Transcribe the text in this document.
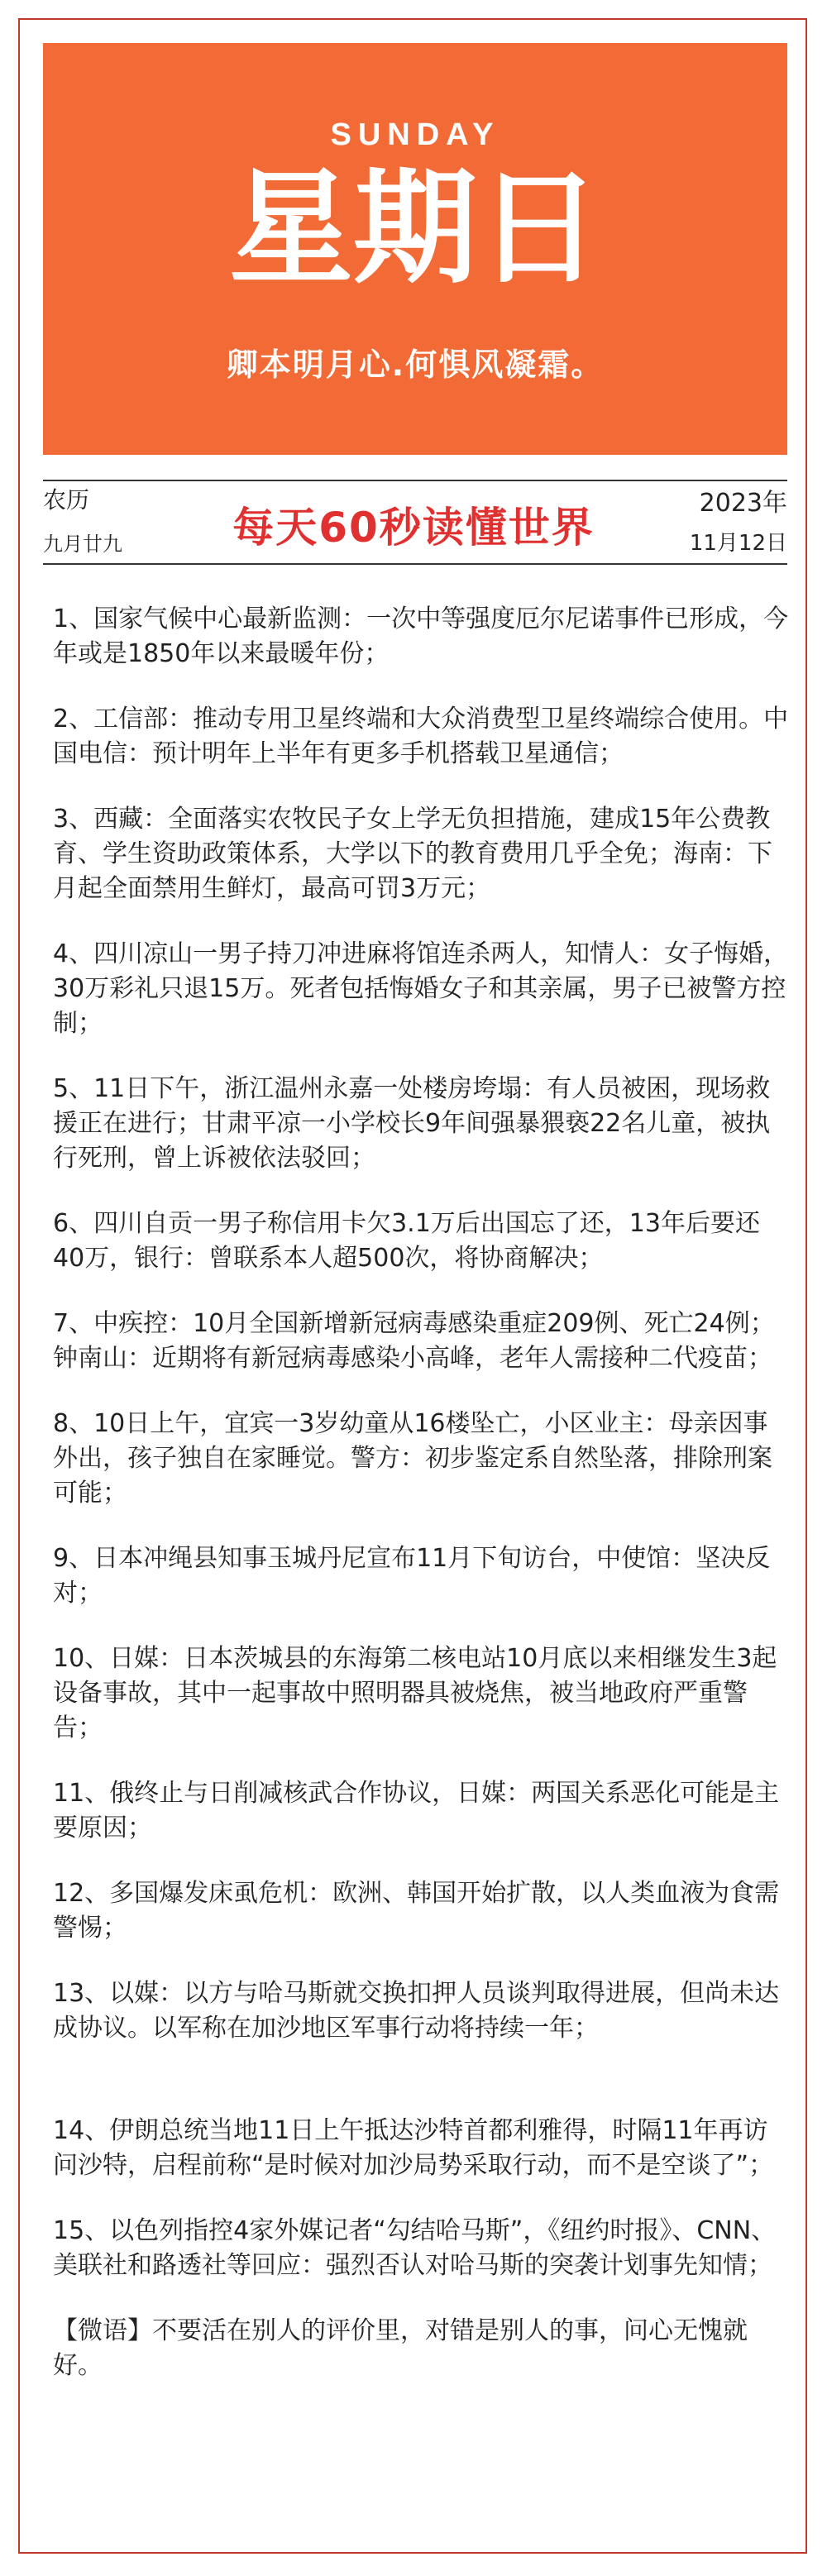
SUNDAY
星期日
卿本明月心.何惧风凝霜。
农历
九月廿九	每天60秒读懂世界
2023年
11月12日

1、国家气候中心最新监测：一次中等强度厄尔尼诺事件已形成，今年或是1850年以来最暖年份；

2、工信部：推动专用卫星终端和大众消费型卫星终端综合使用。中国电信：预计明年上半年有更多手机搭载卫星通信；

3、西藏：全面落实农牧民子女上学无负担措施，建成15年公费教育、学生资助政策体系，大学以下的教育费用几乎全免；海南：下月起全面禁用生鲜灯，最高可罚3万元；

4、四川凉山一男子持刀冲进麻将馆连杀两人，知情人：女子悔婚，30万彩礼只退15万。死者包括悔婚女子和其亲属，男子已被警方控制；

5、11日下午，浙江温州永嘉一处楼房垮塌：有人员被困，现场救援正在进行；甘肃平凉一小学校长9年间强暴猥亵22名儿童，被执行死刑，曾上诉被依法驳回；

6、四川自贡一男子称信用卡欠3.1万后出国忘了还，13年后要还40万，银行：曾联系本人超500次，将协商解决；

7、中疾控：10月全国新增新冠病毒感染重症209例、死亡24例；钟南山：近期将有新冠病毒感染小高峰，老年人需接种二代疫苗；

8、10日上午，宜宾一3岁幼童从16楼坠亡，小区业主：母亲因事外出，孩子独自在家睡觉。警方：初步鉴定系自然坠落，排除刑案可能；

9、日本冲绳县知事玉城丹尼宣布11月下旬访台，中使馆：坚决反对；

10、日媒：日本茨城县的东海第二核电站10月底以来相继发生3起设备事故，其中一起事故中照明器具被烧焦，被当地政府严重警告；

11、俄终止与日削减核武合作协议，日媒：两国关系恶化可能是主要原因；

12、多国爆发床虱危机：欧洲、韩国开始扩散，以人类血液为食需警惕；

13、以媒：以方与哈马斯就交换扣押人员谈判取得进展，但尚未达成协议。以军称在加沙地区军事行动将持续一年；

14、伊朗总统当地11日上午抵达沙特首都利雅得，时隔11年再访问沙特，启程前称“是时候对加沙局势采取行动，而不是空谈了”；

15、以色列指控4家外媒记者“勾结哈马斯”，《纽约时报》、CNN、美联社和路透社等回应：强烈否认对哈马斯的突袭计划事先知情；

【微语】不要活在别人的评价里，对错是别人的事，问心无愧就好。
